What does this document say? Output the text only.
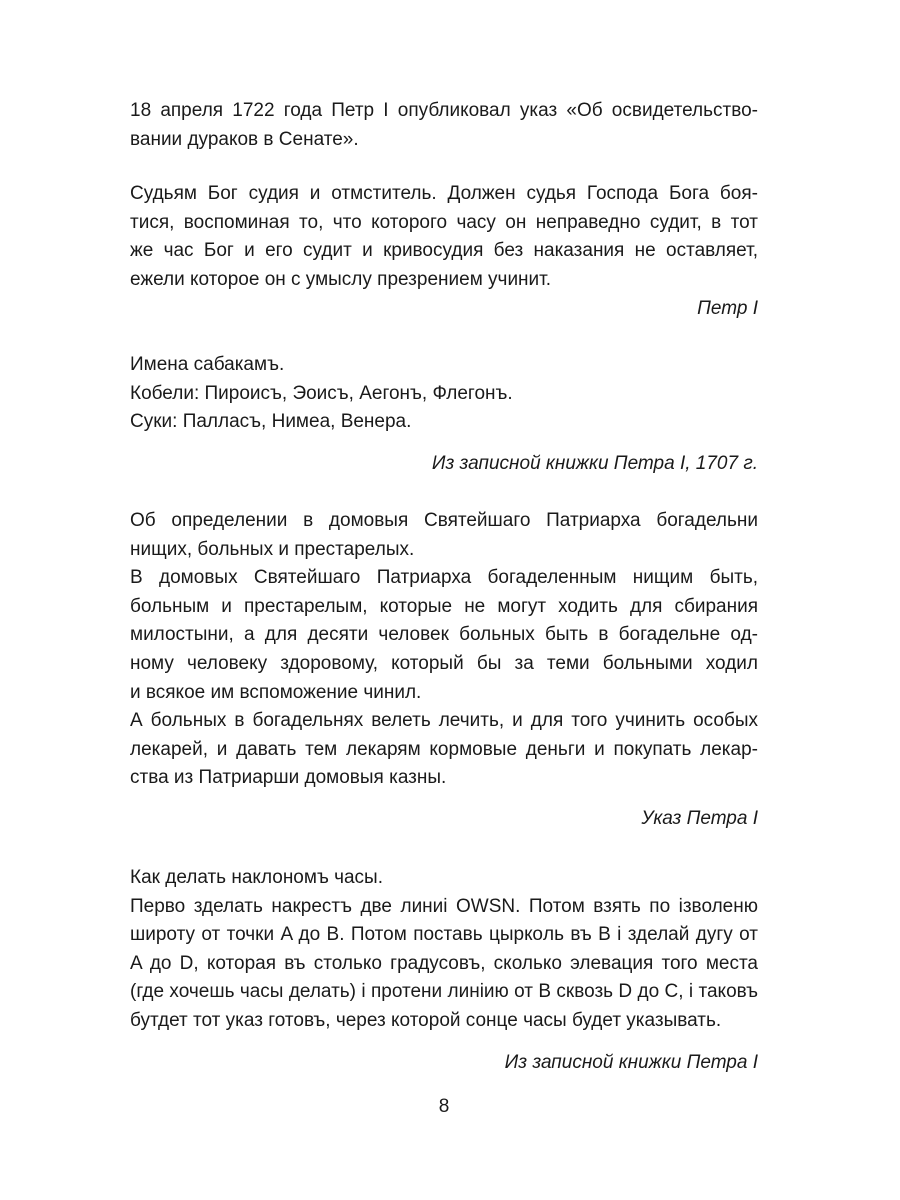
18 апреля 1722 года Петр I опубликовал указ «Об освидетельство-
вании дураков в Сенате».
Судьям Бог судия и отмститель. Должен судья Господа Бога боя-
тися, воспоминая то, что которого часу он неправедно судит, в тот
же час Бог и его судит и кривосудия без наказания не оставляет,
ежели которое он с умыслу презрением учинит.
Петр I
Имена сабакамъ.
Кобели: Пироисъ, Эоисъ, Аегонъ, Флегонъ.
Суки: Палласъ, Нимеа, Венера.
Из записной книжки Петра I, 1707 г.
Об определении в домовыя Святейшаго Патриарха богадельни
нищих, больных и престарелых.
В домовых Святейшаго Патриарха богаделенным нищим быть,
больным и престарелым, которые не могут ходить для сбирания
милостыни, а для десяти человек больных быть в богадельне од-
ному человеку здоровому, который бы за теми больными ходил
и всякое им вспоможение чинил.
А больных в богадельнях велеть лечить, и для того учинить особых
лекарей, и давать тем лекарям кормовые деньги и покупать лекар-
ства из Патриарши домовыя казны.
Указ Петра I
Как делать наклономъ часы.
Перво зделать накрестъ две линиі OWSN. Потом взять по ізволеню
широту от точки A до B. Потом поставь цыркoль въ B і зделай дугу от
A до D, которая въ столько градусовъ, сколько элевация того места
(где хочешь часы делать) і протени линіию от B сквозь D до C, і таковъ
бутдет тот указ готовъ, через которой сонце часы будет указывать.
Из записной книжки Петра I
8
